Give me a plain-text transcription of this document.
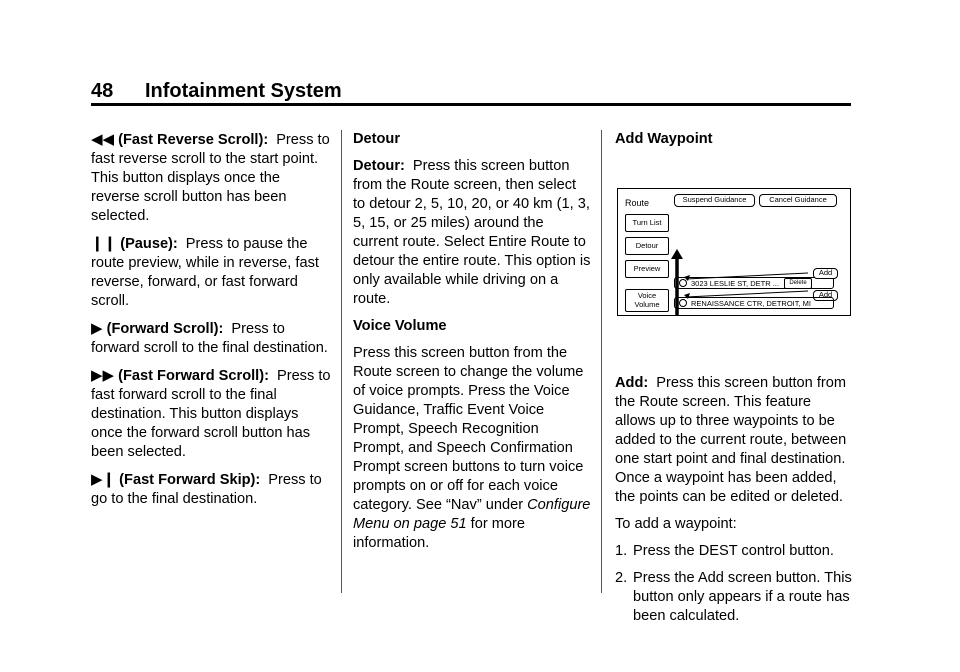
48 Infotainment System

◀◀ (Fast Reverse Scroll): Press to fast reverse scroll to the start point. This button displays once the reverse scroll button has been selected.

❙❙ (Pause): Press to pause the route preview, while in reverse, fast reverse, forward, or fast forward scroll.

▶ (Forward Scroll): Press to forward scroll to the final destination.

▶▶ (Fast Forward Scroll): Press to fast forward scroll to the final destination. This button displays once the forward scroll button has been selected.

▶❙ (Fast Forward Skip): Press to go to the final destination.

Detour

Detour: Press this screen button from the Route screen, then select to detour 2, 5, 10, 20, or 40 km (1, 3, 5, 15, or 25 miles) around the current route. Select Entire Route to detour the entire route. This option is only available while driving on a route.

Voice Volume

Press this screen button from the Route screen to change the volume of voice prompts. Press the Voice Guidance, Traffic Event Voice Prompt, Speech Recognition Prompt, and Speech Confirmation Prompt screen buttons to turn voice prompts on or off for each voice category. See “Nav” under Configure Menu on page 51 for more information.

Add Waypoint

Route	Suspend Guidance	Cancel Guidance
Turn List
Detour
Preview
Voice Volume
3023 LESLIE ST, DETR ...	Delete
Add
Add
RENAISSANCE CTR, DETROIT, MI

Add: Press this screen button from the Route screen. This feature allows up to three waypoints to be added to the current route, between one start point and final destination. Once a waypoint has been added, the points can be edited or deleted.

To add a waypoint:

1. Press the DEST control button.
2. Press the Add screen button. This button only appears if a route has been calculated.
